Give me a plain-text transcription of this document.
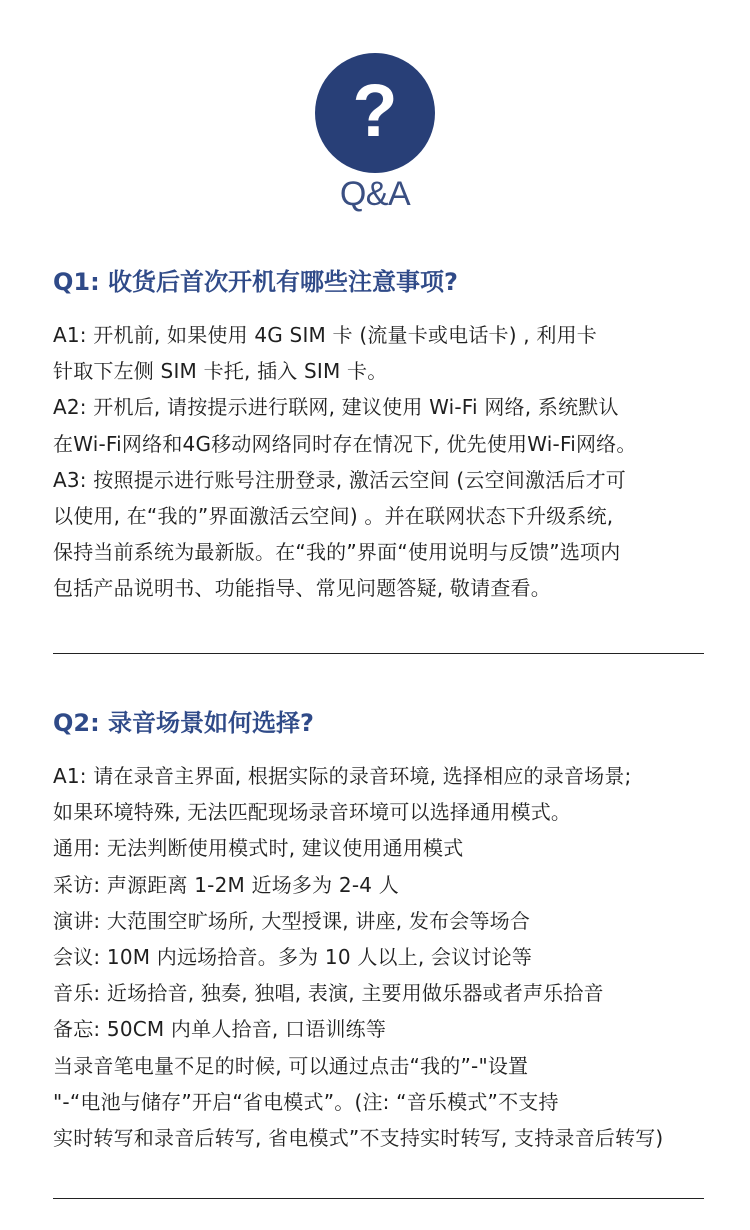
?
Q&A
Q1: 收货后首次开机有哪些注意事项?
A1: 开机前, 如果使用 4G SIM 卡 (流量卡或电话卡) , 利用卡
针取下左侧 SIM 卡托, 插入 SIM 卡。
A2: 开机后, 请按提示进行联网, 建议使用 Wi-Fi 网络, 系统默认
在Wi-Fi网络和4G移动网络同时存在情况下, 优先使用Wi-Fi网络。
A3: 按照提示进行账号注册登录, 激活云空间 (云空间激活后才可
以使用, 在“我的”界面激活云空间) 。并在联网状态下升级系统,
保持当前系统为最新版。在“我的”界面“使用说明与反馈”选项内
包括产品说明书、功能指导、常见问题答疑, 敬请查看。
Q2: 录音场景如何选择?
A1: 请在录音主界面, 根据实际的录音环境, 选择相应的录音场景;
如果环境特殊, 无法匹配现场录音环境可以选择通用模式。
通用: 无法判断使用模式时, 建议使用通用模式
采访: 声源距离 1-2M 近场多为 2-4 人
演讲: 大范围空旷场所, 大型授课, 讲座, 发布会等场合
会议: 10M 内远场拾音。多为 10 人以上, 会议讨论等
音乐: 近场拾音, 独奏, 独唱, 表演, 主要用做乐器或者声乐拾音
备忘: 50CM 内单人拾音, 口语训练等
当录音笔电量不足的时候, 可以通过点击“我的”-"设置
"-“电池与储存”开启“省电模式”。(注: “音乐模式”不支持
实时转写和录音后转写, 省电模式”不支持实时转写, 支持录音后转写)
